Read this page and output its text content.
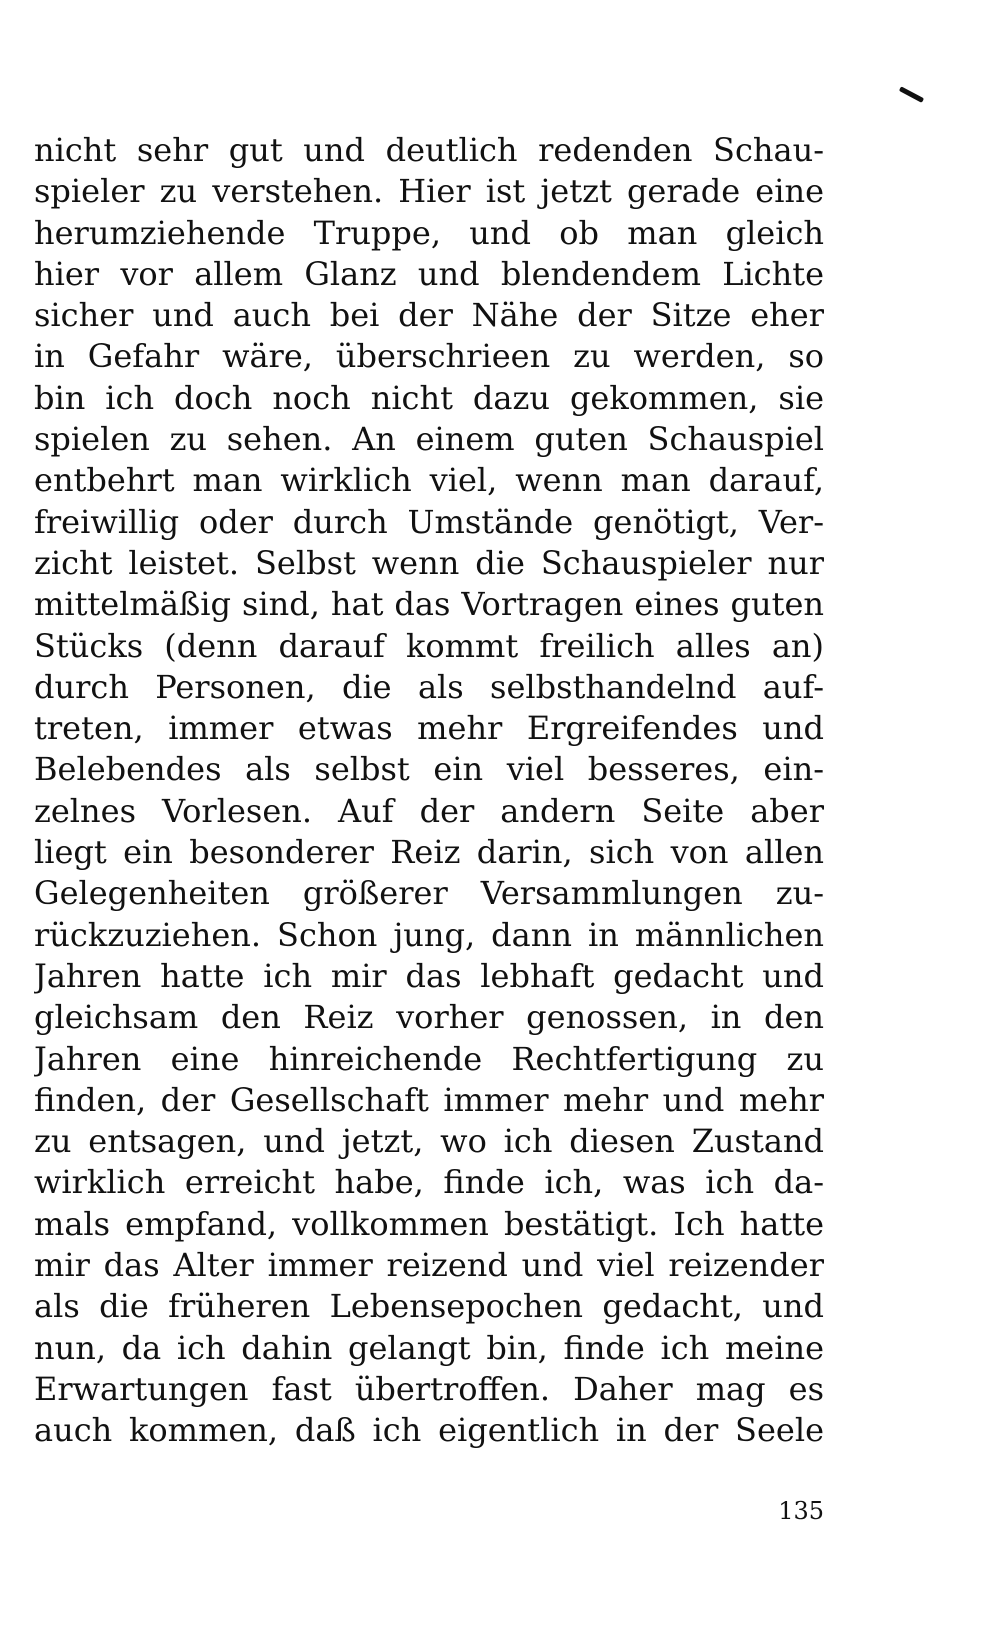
nicht sehr gut und deutlich redenden Schau-
spieler zu verstehen. Hier ist jetzt gerade eine
herumziehende Truppe, und ob man gleich
hier vor allem Glanz und blendendem Lichte
sicher und auch bei der Nähe der Sitze eher
in Gefahr wäre, überschrieen zu werden, so
bin ich doch noch nicht dazu gekommen, sie
spielen zu sehen. An einem guten Schauspiel
entbehrt man wirklich viel, wenn man darauf,
freiwillig oder durch Umstände genötigt, Ver-
zicht leistet. Selbst wenn die Schauspieler nur
mittelmäßig sind, hat das Vortragen eines guten
Stücks (denn darauf kommt freilich alles an)
durch Personen, die als selbsthandelnd auf-
treten, immer etwas mehr Ergreifendes und
Belebendes als selbst ein viel besseres, ein-
zelnes Vorlesen. Auf der andern Seite aber
liegt ein besonderer Reiz darin, sich von allen
Gelegenheiten größerer Versammlungen zu-
rückzuziehen. Schon jung, dann in männlichen
Jahren hatte ich mir das lebhaft gedacht und
gleichsam den Reiz vorher genossen, in den
Jahren eine hinreichende Rechtfertigung zu
finden, der Gesellschaft immer mehr und mehr
zu entsagen, und jetzt, wo ich diesen Zustand
wirklich erreicht habe, finde ich, was ich da-
mals empfand, vollkommen bestätigt. Ich hatte
mir das Alter immer reizend und viel reizender
als die früheren Lebensepochen gedacht, und
nun, da ich dahin gelangt bin, finde ich meine
Erwartungen fast übertroffen. Daher mag es
auch kommen, daß ich eigentlich in der Seele
135
